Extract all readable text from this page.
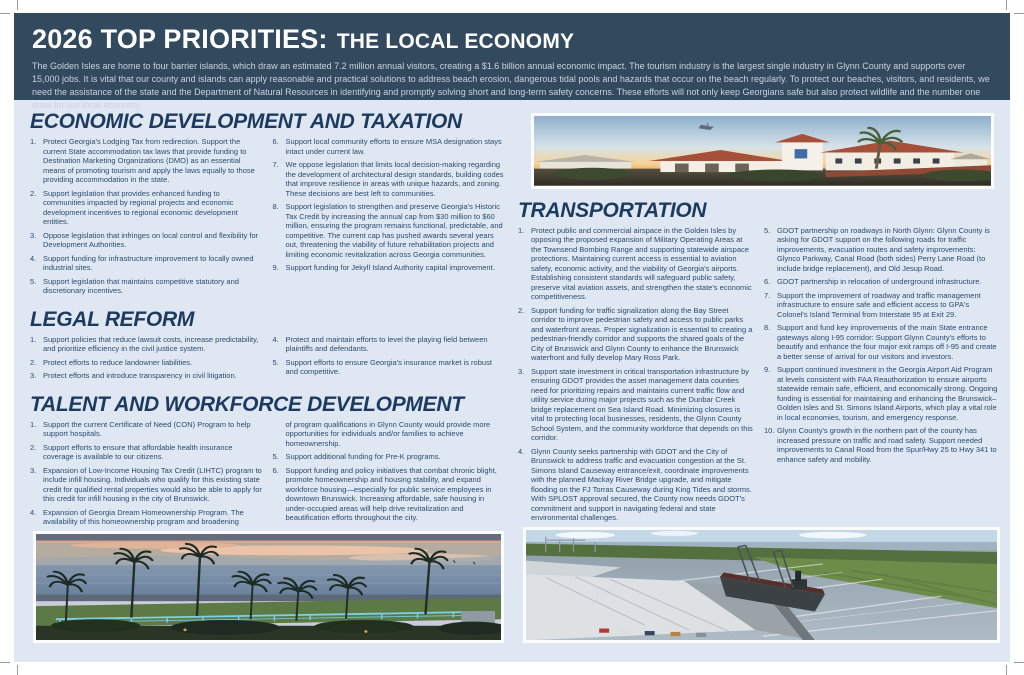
2026 TOP PRIORITIES: THE LOCAL ECONOMY

The Golden Isles are home to four barrier islands, which draw an estimated 7.2 million annual visitors, creating a $1.6 billion annual economic impact. The tourism industry is the largest single industry in Glynn County and supports over 15,000 jobs. It is vital that our county and islands can apply reasonable and practical solutions to address beach erosion, dangerous tidal pools and hazards that occur on the beach regularly. To protect our beaches, visitors, and residents, we need the assistance of the state and the Department of Natural Resources in identifying and promptly solving short and long-term safety concerns. These efforts will not only keep Georgians safe but also protect wildlife and the number one draw for our local economy.

ECONOMIC DEVELOPMENT AND TAXATION
1. Protect Georgia's Lodging Tax from redirection. Support the current State accommodation tax laws that provide funding to Destination Marketing Organizations (DMO) as an essential means of promoting tourism and apply the laws equally to those providing accommodation in the state.
2. Support legislation that provides enhanced funding to communities impacted by regional projects and economic development incentives to regional economic development entities.
3. Oppose legislation that infringes on local control and flexibility for Development Authorities.
4. Support funding for infrastructure improvement to locally owned industrial sites.
5. Support legislation that maintains competitive statutory and discretionary incentives.
6. Support local community efforts to ensure MSA designation stays intact under current law.
7. We oppose legislation that limits local decision-making regarding the development of architectural design standards, building codes that improve resilience in areas with unique hazards, and zoning. These decisions are best left to communities.
8. Support legislation to strengthen and preserve Georgia's Historic Tax Credit by increasing the annual cap from $30 million to $60 million, ensuring the program remains functional, predictable, and competitive. The current cap has pushed awards several years out, threatening the viability of future rehabilitation projects and limiting economic revitalization across Georgia communities.
9. Support funding for Jekyll Island Authority capital improvement.
LEGAL REFORM
1. Support policies that reduce lawsuit costs, increase predictability, and prioritize efficiency in the civil justice system.
2. Protect efforts to reduce landowner liabilities.
3. Protect efforts and introduce transparency in civil litigation.
4. Protect and maintain efforts to level the playing field between plaintiffs and defendants.
5. Support efforts to ensure Georgia's insurance market is robust and competitive.
TALENT AND WORKFORCE DEVELOPMENT
1. Support the current Certificate of Need (CON) Program to help support hospitals.
2. Support efforts to ensure that affordable health insurance coverage is available to our citizens.
3. Expansion of Low-Income Housing Tax Credit (LIHTC) program to include infill housing. Individuals who qualify for this existing state credit for qualified rental properties would also be able to apply for this credit for infill housing in the city of Brunswick.
4. Expansion of Georgia Dream Homeownership Program. The availability of this homeownership program and broadening

of program qualifications in Glynn County would provide more opportunities for individuals and/or families to achieve homeownership.

5. Support additional funding for Pre-K programs.
6. Support funding and policy initiatives that combat chronic blight, promote homeownership and housing stability, and expand workforce housing—especially for public service employees in downtown Brunswick. Increasing affordable, safe housing in under-occupied areas will help drive revitalization and beautification efforts throughout the city.
TRANSPORTATION
1. Protect public and commercial airspace in the Golden Isles by opposing the proposed expansion of Military Operating Areas at the Townsend Bombing Range and supporting statewide airspace protections. Maintaining current access is essential to aviation safety, economic activity, and the viability of Georgia's airports. Establishing consistent standards will safeguard public safety, preserve vital aviation assets, and strengthen the state's economic competitiveness.
2. Support funding for traffic signalization along the Bay Street corridor to improve pedestrian safety and access to public parks and waterfront areas. Proper signalization is essential to creating a pedestrian-friendly corridor and supports the shared goals of the City of Brunswick and Glynn County to enhance the Brunswick waterfront and fully develop Mary Ross Park.
3. Support state investment in critical transportation infrastructure by ensuring GDOT provides the asset management data counties need for prioritizing repairs and maintains current traffic flow and utility service during major projects such as the Dunbar Creek bridge replacement on Sea Island Road. Minimizing closures is vital to protecting local businesses, residents, the Glynn County School System, and the community workforce that depends on this corridor.
4. Glynn County seeks partnership with GDOT and the City of Brunswick to address traffic and evacuation congestion at the St. Simons Island Causeway entrance/exit, coordinate improvements with the planned Mackay River Bridge upgrade, and mitigate flooding on the FJ Torras Causeway during King Tides and storms. With SPLOST approval secured, the County now needs GDOT's commitment and support in navigating federal and state environmental challenges.
5. GDOT partnership on roadways in North Glynn: Glynn County is asking for GDOT support on the following roads for traffic improvements, evacuation routes and safety improvements: Glynco Parkway, Canal Road (both sides) Perry Lane Road (to include bridge replacement), and Old Jesup Road.
6. GDOT partnership in relocation of underground infrastructure.
7. Support the improvement of roadway and traffic management infrastructure to ensure safe and efficient access to GPA's Colonel's Island Terminal from Interstate 95 at Exit 29.
8. Support and fund key improvements of the main State entrance gateways along I-95 corridor: Support Glynn County's efforts to beautify and enhance the four major exit ramps off I-95 and create a better sense of arrival for our visitors and investors.
9. Support continued investment in the Georgia Airport Aid Program at levels consistent with FAA Reauthorization to ensure airports statewide remain safe, efficient, and economically strong. Ongoing funding is essential for maintaining and enhancing the Brunswick–Golden Isles and St. Simons Island Airports, which play a vital role in local economies, tourism, and emergency response.
10. Glynn County's growth in the northern part of the county has increased pressure on traffic and road safety. Support needed improvements to Canal Road from the Spur/Hwy 25 to Hwy 341 to enhance safety and mobility.
